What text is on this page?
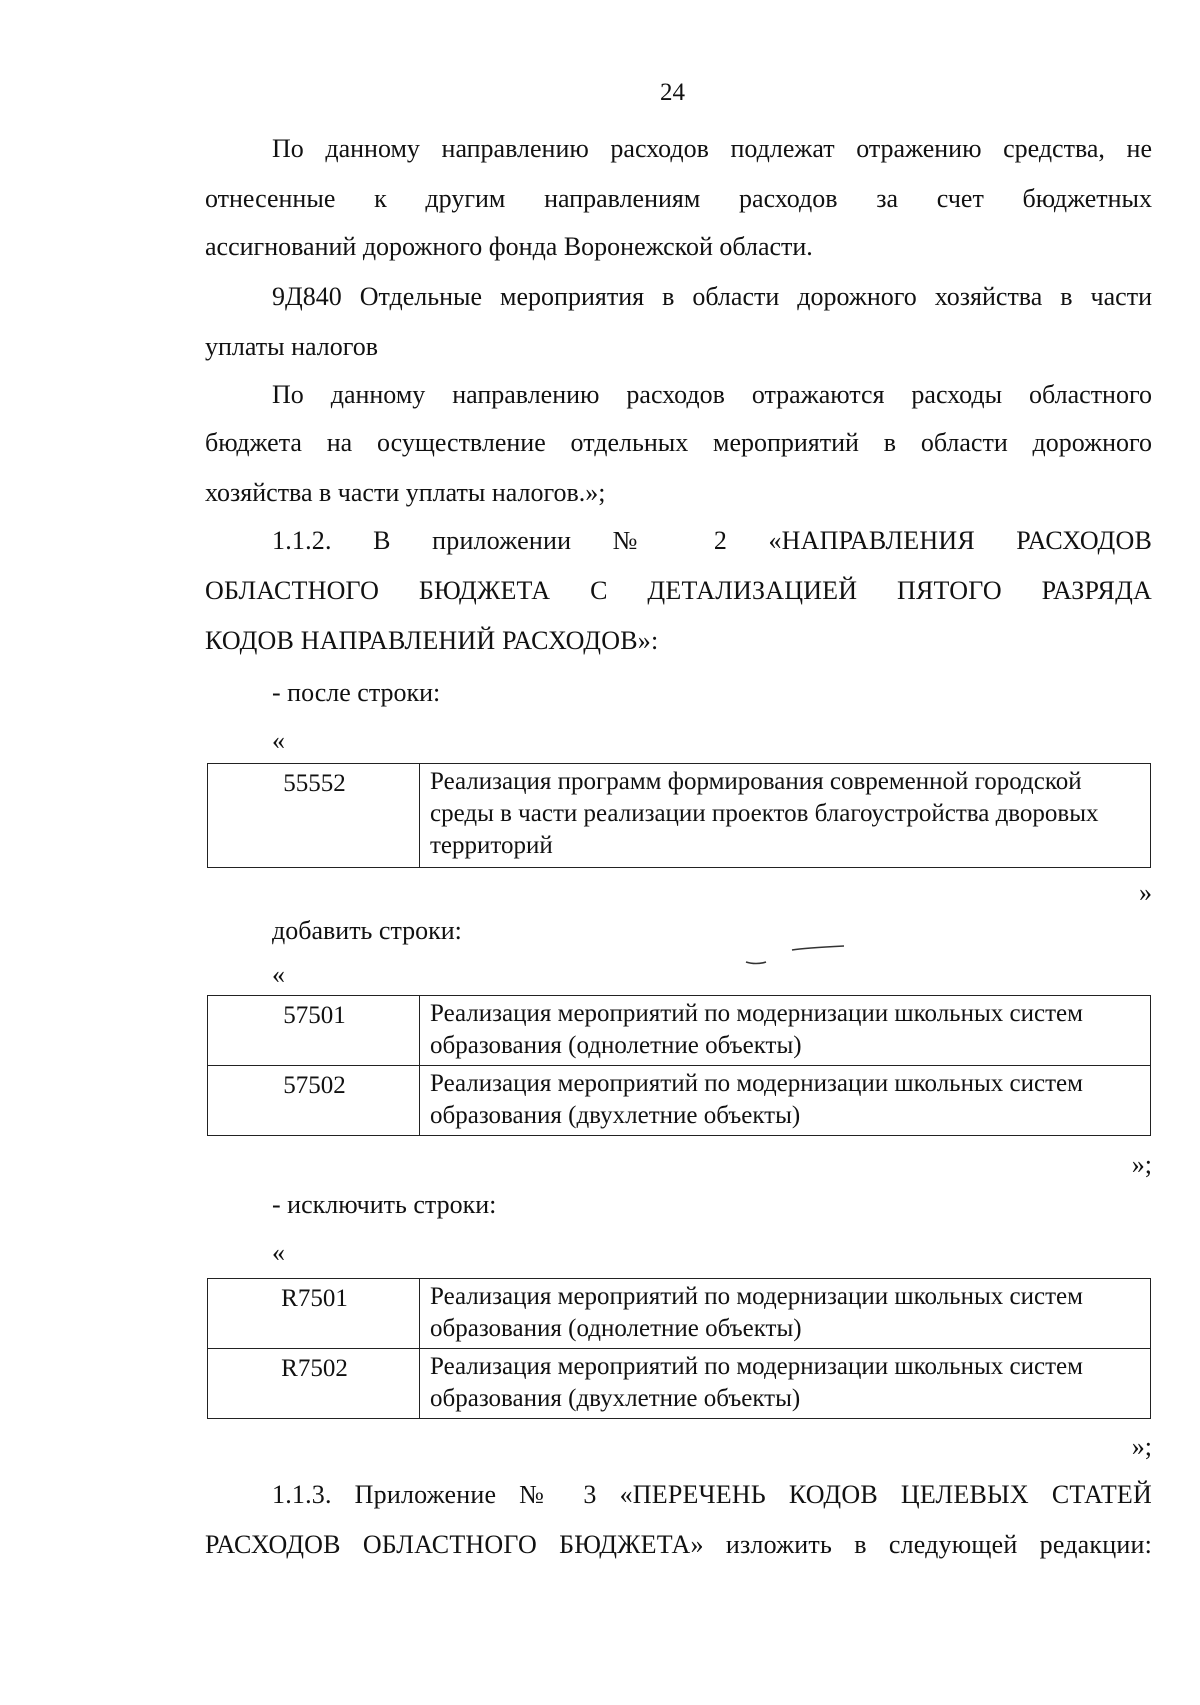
24
По данному направлению расходов подлежат отражению средства, не
отнесенные к другим направлениям расходов за счет бюджетных
ассигнований дорожного фонда Воронежской области.
9Д840 Отдельные мероприятия в области дорожного хозяйства в части
уплаты налогов
По данному направлению расходов отражаются расходы областного
бюджета на осуществление отдельных мероприятий в области дорожного
хозяйства в части уплаты налогов.»;
1.1.2. В приложении № 2 «НАПРАВЛЕНИЯ РАСХОДОВ
ОБЛАСТНОГО БЮДЖЕТА С ДЕТАЛИЗАЦИЕЙ ПЯТОГО РАЗРЯДА
КОДОВ НАПРАВЛЕНИЙ РАСХОДОВ»:
- после строки:
«
55552	Реализация программ формирования современной городской среды в части реализации проектов благоустройства дворовых территорий
»
добавить строки:
«
57501	Реализация мероприятий по модернизации школьных систем образования (однолетние объекты)
57502	Реализация мероприятий по модернизации школьных систем образования (двухлетние объекты)
»;
- исключить строки:
«
R7501	Реализация мероприятий по модернизации школьных систем образования (однолетние объекты)
R7502	Реализация мероприятий по модернизации школьных систем образования (двухлетние объекты)
»;
1.1.3. Приложение № 3 «ПЕРЕЧЕНЬ КОДОВ ЦЕЛЕВЫХ СТАТЕЙ
РАСХОДОВ ОБЛАСТНОГО БЮДЖЕТА» изложить в следующей редакции:
